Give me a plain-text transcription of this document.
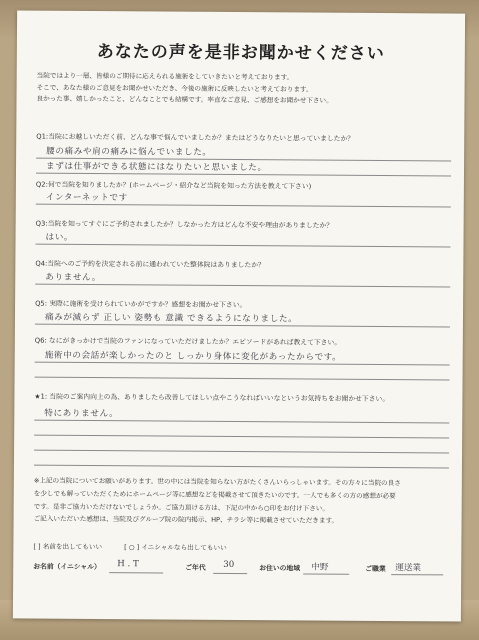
あなたの声を是非お聞かせください
当院ではより一層、皆様のご期待に応えられる施術をしていきたいと考えております。
そこで、あなた様のご意見をお聞かせいただき、今後の施術に反映したいと考えております。
良かった事、嬉しかったこと、どんなことでも結構です。率直なご意見、ご感想をお聞かせ下さい。
Q1:当院にお越しいただく前、どんな事で悩んでいましたか？またはどうなりたいと思っていましたか？
腰の痛みや肩の痛みに悩んでいました。
まずは仕事ができる状態にはなりたいと思いました。
Q2:何で当院を知りましたか？(ホームページ・紹介など当院を知った方法を教えて下さい)
インターネットです
Q3:当院を知ってすぐにご予約されましたか？しなかった方はどんな不安や理由がありましたか？
はい。
Q4:当院へのご予約を決定される前に通われていた整体院はありましたか？
ありません。
Q5: 実際に施術を受けられていかがですか？感想をお聞かせ下さい。
痛みが減らず 正しい 姿勢も 意識 できるようになりました。
Q6: なにがきっかけで当院のファンになっていただけましたか？エピソードがあれば教えて下さい。
施術中の会話が楽しかったのと しっかり身体に変化があったからです。
★1: 当院のご案内向上の為、ありましたら改善してほしい点やこうなればいいなというお気持ちをお聞かせ下さい。
特にありません。
※上記の当院についてお願いがあります。世の中には当院を知らない方がたくさんいらっしゃいます。その方々に当院の良さ
を少しでも解っていただくためにホームページ等に感想などを掲載させて頂きたいのです。一人でも多くの方の感想が必要
です。是非ご協力いただけないでしょうか。ご協力頂ける方は、下記の中から○印をお付け下さい。
ご記入いただいた感想は、当院及びグループ院の院内掲示、HP、チラシ等に掲載させていただきます。
[ ] 名前を出してもいい	[ ○ ] イニシャルなら出してもいい
お名前（イニシャル） H . T	ご年代 30	お住いの地域 中野	ご職業 運送業
